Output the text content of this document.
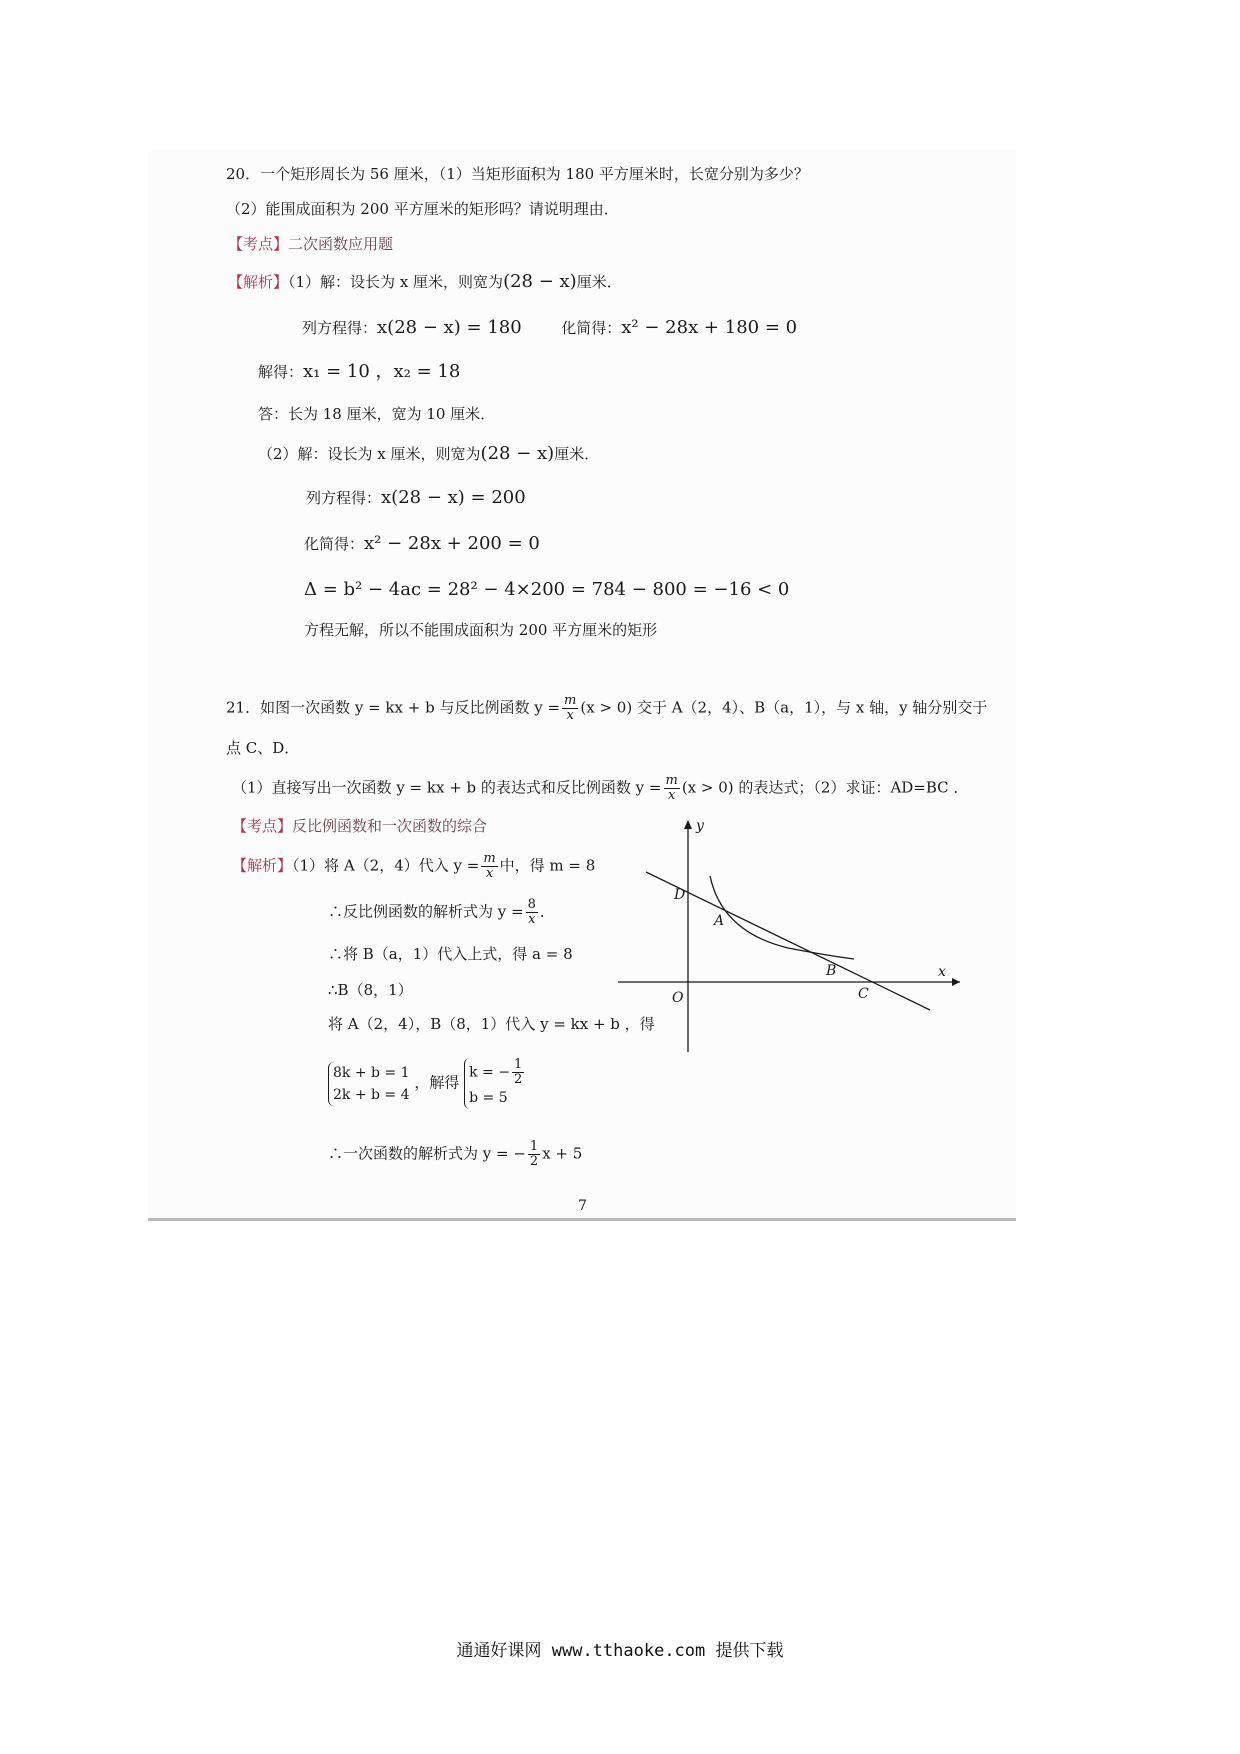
20．一个矩形周长为 56 厘米，（1）当矩形面积为 180 平方厘米时，长宽分别为多少？
（2）能围成面积为 200 平方厘米的矩形吗？请说明理由．
【考点】二次函数应用题
【解析】（1）解：设长为 x 厘米，则宽为(28 − x)厘米．
列方程得：x(28 − x) = 180	化简得：x² − 28x + 180 = 0
解得：x₁ = 10 ，x₂ = 18
答：长为 18 厘米，宽为 10 厘米．
（2）解：设长为 x 厘米，则宽为(28 − x)厘米．
列方程得：x(28 − x) = 200
化简得：x² − 28x + 200 = 0
Δ = b² − 4ac = 28² − 4×200 = 784 − 800 = −16 < 0
方程无解，所以不能围成面积为 200 平方厘米的矩形
21．如图一次函数 y = kx + b 与反比例函数 $y = \frac{m}{x} (x > 0)$ 交于 A（2，4）、B（a，1），与 x 轴，y 轴分别交于
点 C、D．
（1）直接写出一次函数 y = kx + b 的表达式和反比例函数 $y = \frac{m}{x} (x > 0)$ 的表达式；（2）求证：AD=BC ．
【考点】反比例函数和一次函数的综合
【解析】（1）将 A（2，4）代入 $y = \frac{m}{x}$ 中，得 m = 8
∴反比例函数的解析式为 $y = \frac{8}{x}$ ．
∴将 B（a，1）代入上式，得 a = 8
∴B（8，1）
将 A（2，4），B（8，1）代入 y = kx + b ，得
8k + b = 1
2k + b = 4 ，解得 k = − $\frac{1}{2}$

b = 5
∴一次函数的解析式为 y = − $\frac{1}{2}$ x + 5
x
y
O
A
B
C
D
7
通通好课网 www.tthaoke.com 提供下载
